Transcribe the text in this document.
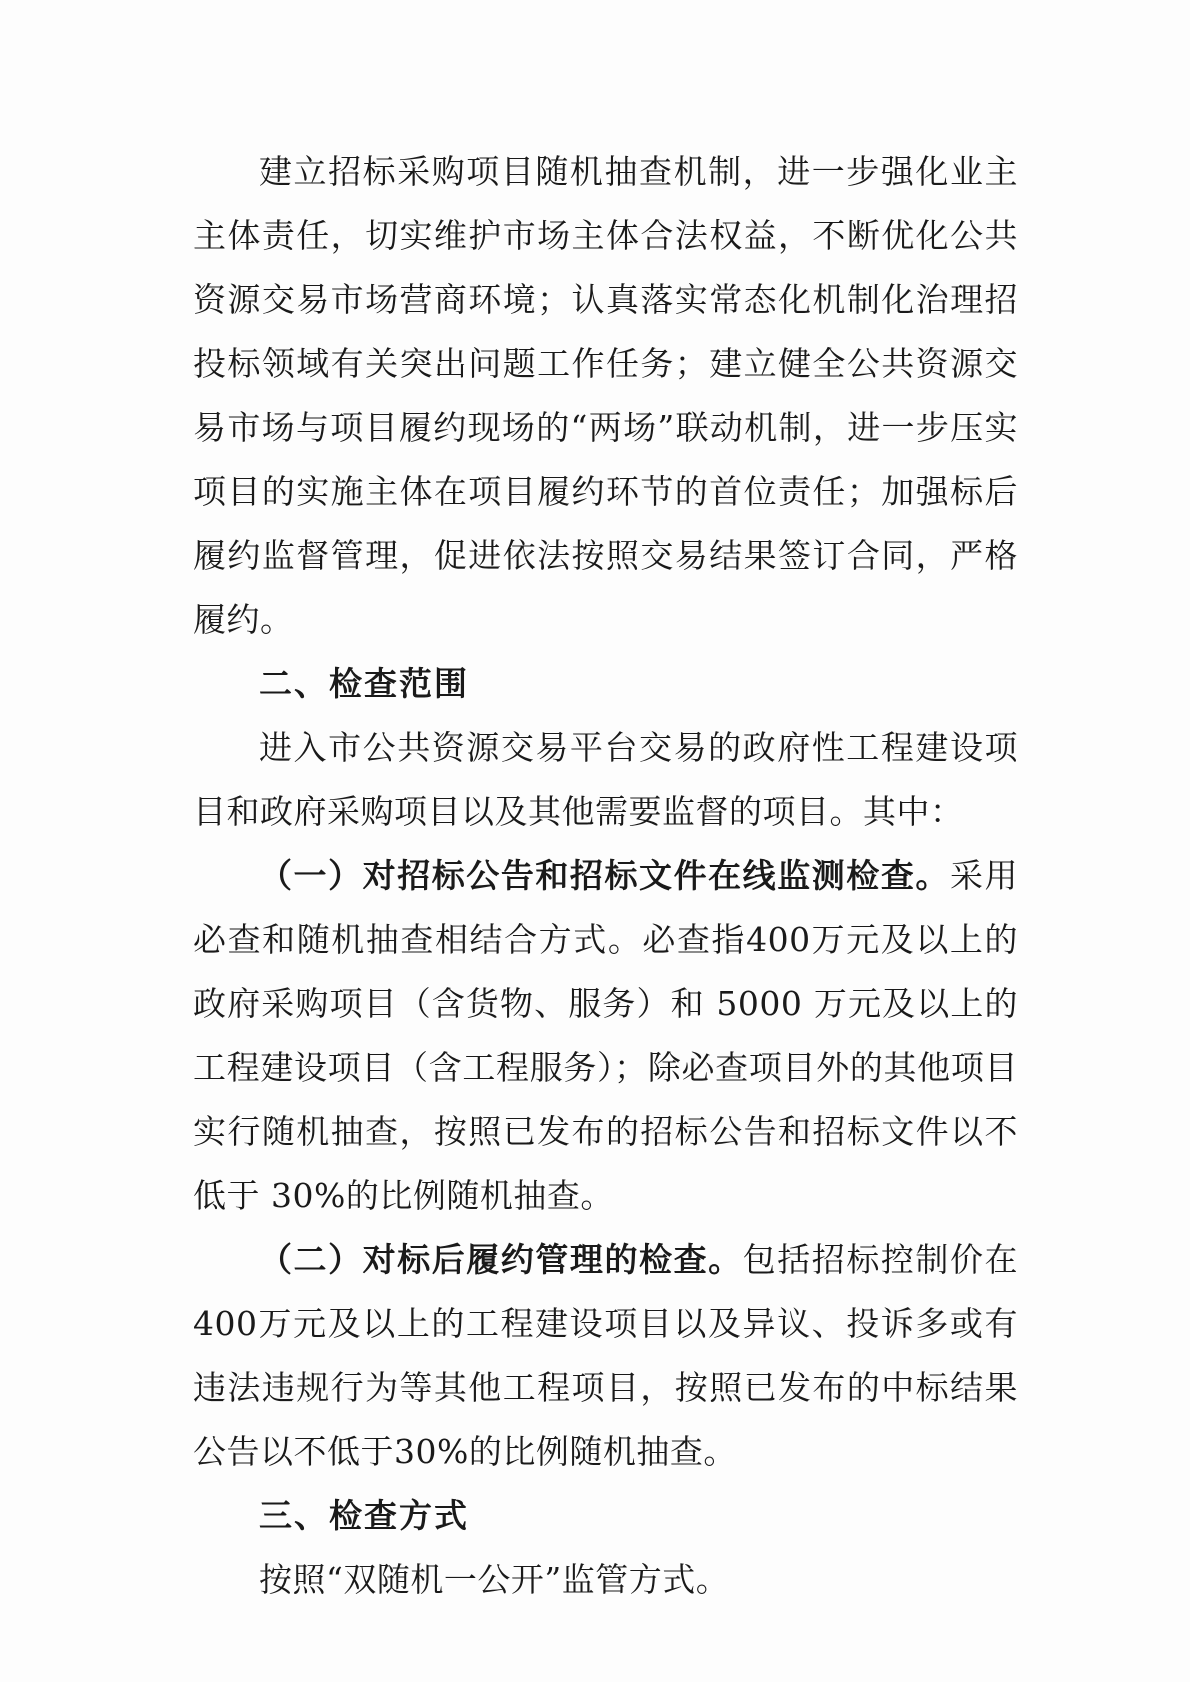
建立招标采购项目随机抽查机制，进一步强化业主主体责任，切实维护市场主体合法权益，不断优化公共资源交易市场营商环境；认真落实常态化机制化治理招投标领域有关突出问题工作任务；建立健全公共资源交易市场与项目履约现场的“两场”联动机制，进一步压实项目的实施主体在项目履约环节的首位责任；加强标后履约监督管理，促进依法按照交易结果签订合同，严格履约。

二、检查范围

进入市公共资源交易平台交易的政府性工程建设项目和政府采购项目以及其他需要监督的项目。其中：

（一）对招标公告和招标文件在线监测检查。采用必查和随机抽查相结合方式。必查指400万元及以上的政府采购项目（含货物、服务）和 5000 万元及以上的工程建设项目（含工程服务）；除必查项目外的其他项目实行随机抽查，按照已发布的招标公告和招标文件以不低于 30%的比例随机抽查。

（二）对标后履约管理的检查。包括招标控制价在 400万元及以上的工程建设项目以及异议、投诉多或有违法违规行为等其他工程项目，按照已发布的中标结果公告以不低于30%的比例随机抽查。

三、检查方式

按照“双随机一公开”监管方式。
